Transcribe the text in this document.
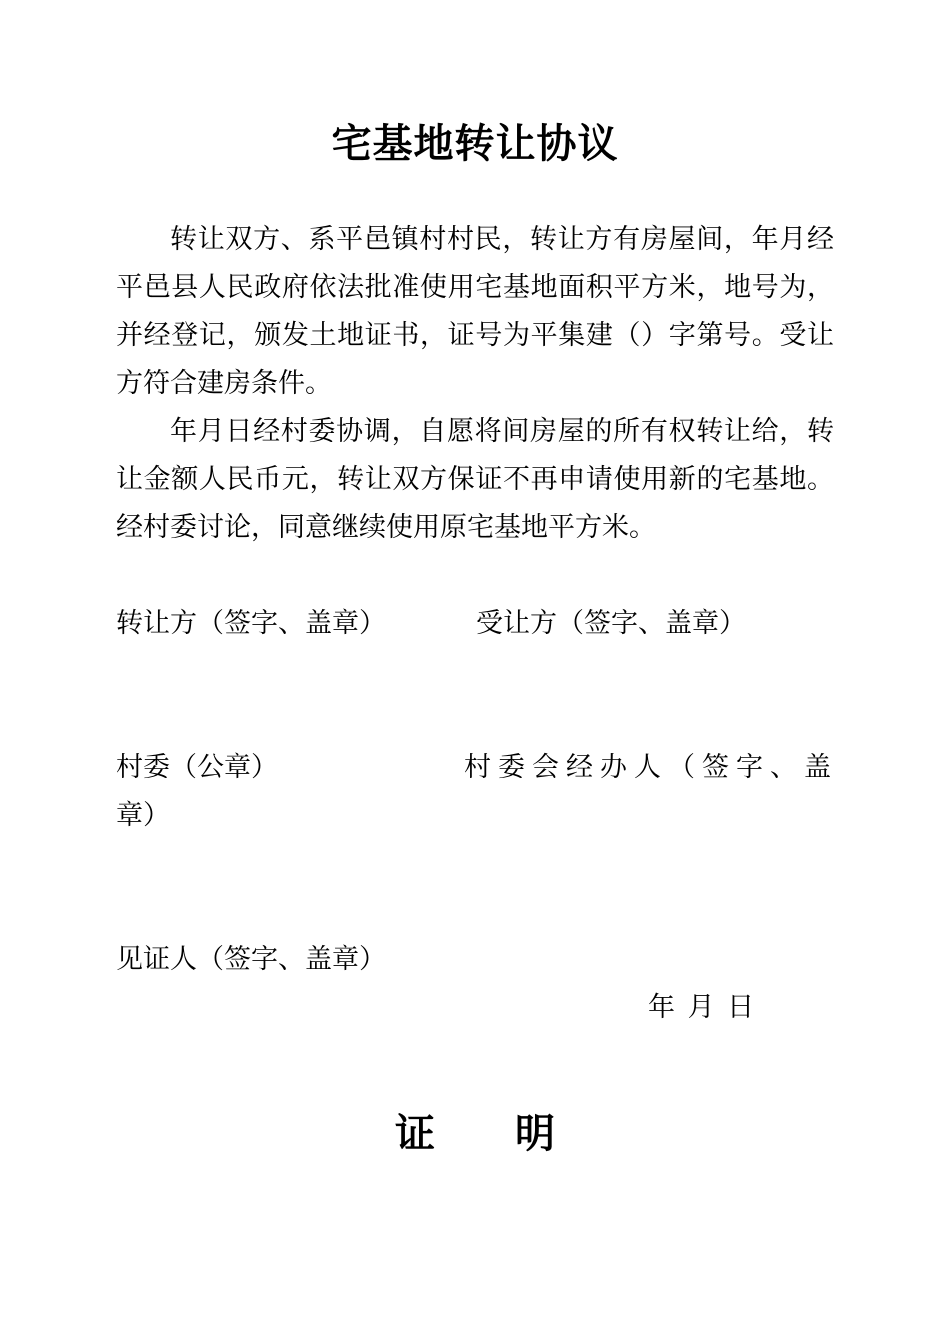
宅基地转让协议

转让双方、系平邑镇村村民，转让方有房屋间，年月经平邑县人民政府依法批准使用宅基地面积平方米，地号为，并经登记，颁发土地证书，证号为平集建（）字第号。受让方符合建房条件。

年月日经村委协调，自愿将间房屋的所有权转让给，转让金额人民币元，转让双方保证不再申请使用新的宅基地。经村委讨论，同意继续使用原宅基地平方米。

转让方（签字、盖章）	受让方（签字、盖章）
村委（公章）	村委会经办人（签字、盖
章）
见证人（签字、盖章）
年 月 日
证　　明
